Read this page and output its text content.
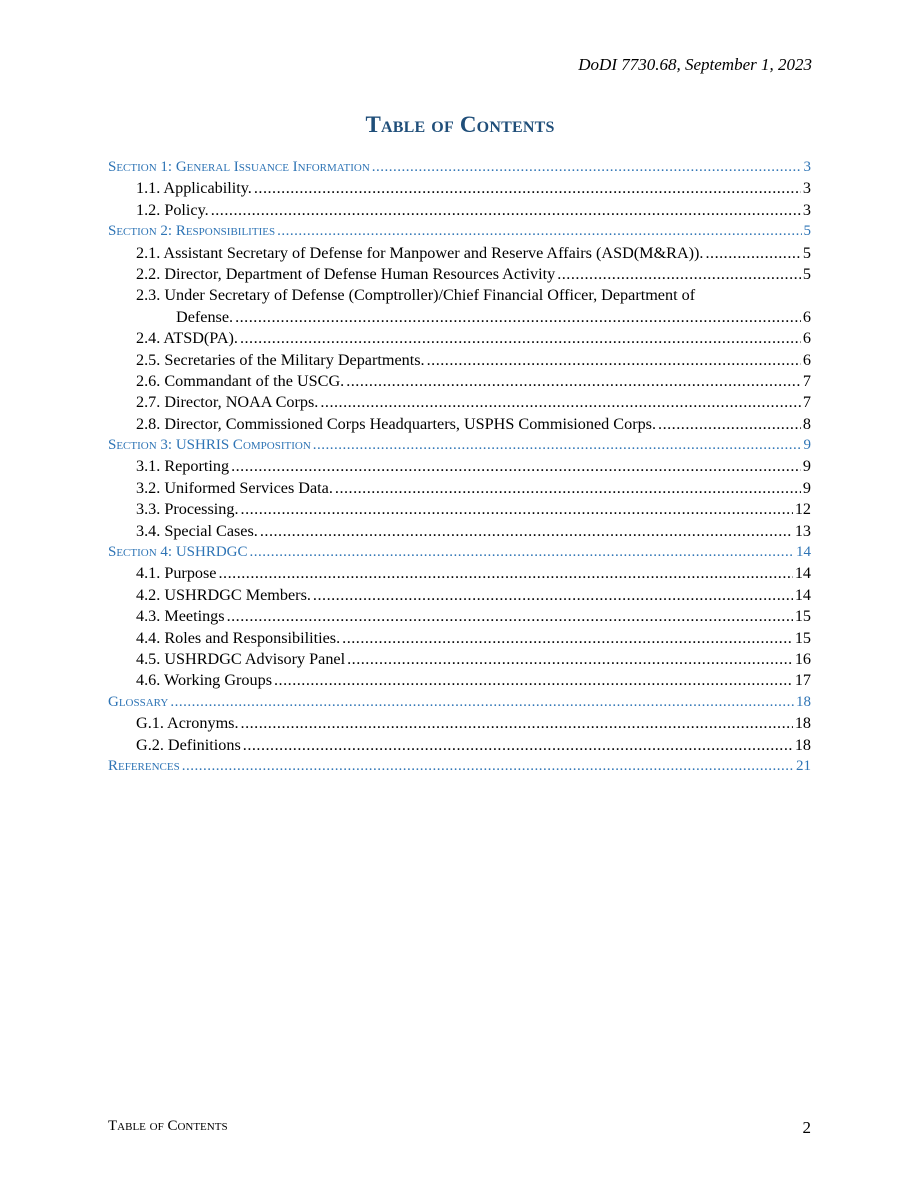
DoDI 7730.68, September 1, 2023
Table of Contents
Section 1: General Issuance Information .....	3
1.1. Applicability. .....	3
1.2. Policy. .....	3
Section 2: Responsibilities .....	5
2.1. Assistant Secretary of Defense for Manpower and Reserve Affairs (ASD(M&RA)). .....	5
2.2. Director, Department of Defense Human Resources Activity .....	5
2.3. Under Secretary of Defense (Comptroller)/Chief Financial Officer, Department of
Defense. .....	6
2.4. ATSD(PA). .....	6
2.5. Secretaries of the Military Departments. .....	6
2.6. Commandant of the USCG. .....	7
2.7. Director, NOAA Corps. .....	7
2.8. Director, Commissioned Corps Headquarters, USPHS Commisioned Corps. .....	8
Section 3: USHRIS Composition .....	9
3.1. Reporting .....	9
3.2. Uniformed Services Data. .....	9
3.3. Processing. .....	12
3.4. Special Cases. .....	13
Section 4: USHRDGC .....	14
4.1. Purpose .....	14
4.2. USHRDGC Members. .....	14
4.3. Meetings .....	15
4.4. Roles and Responsibilities. .....	15
4.5. USHRDGC Advisory Panel .....	16
4.6. Working Groups .....	17
Glossary .....	18
G.1. Acronyms. .....	18
G.2. Definitions .....	18
References .....	21
Table of Contents	2
